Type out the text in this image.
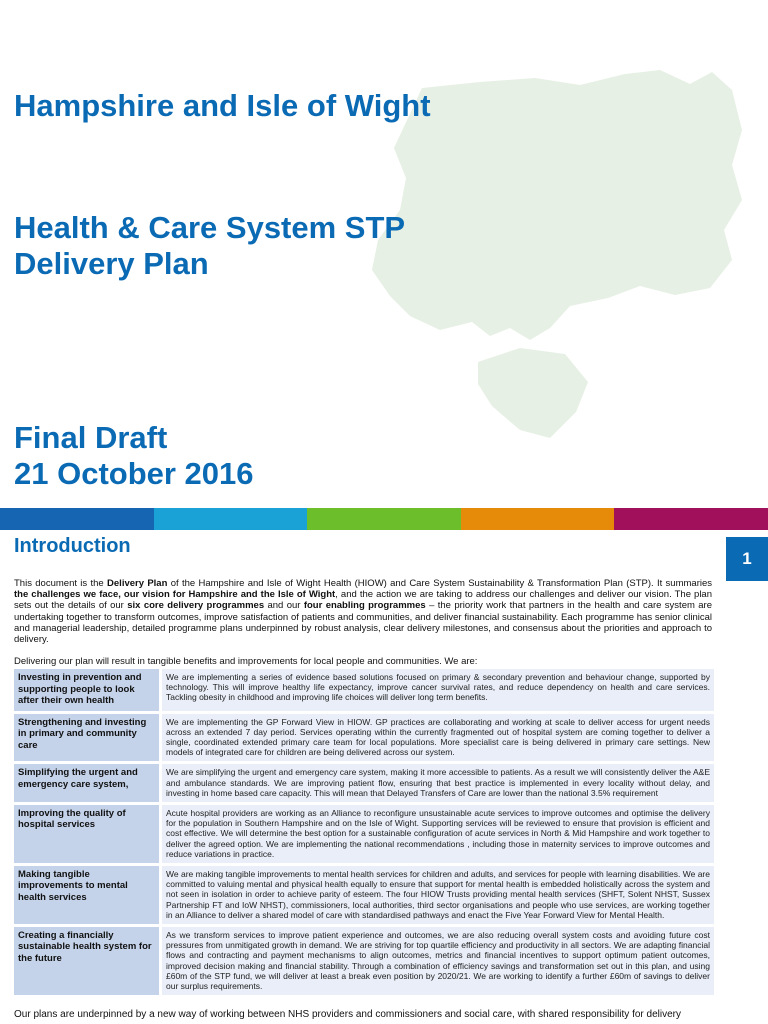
Hampshire and Isle of Wight
Health & Care System STP Delivery Plan
Final Draft
21 October 2016
Introduction
1

This document is the Delivery Plan of the Hampshire and Isle of Wight Health (HIOW) and Care System Sustainability & Transformation Plan (STP). It summaries the challenges we face, our vision for Hampshire and the Isle of Wight, and the action we are taking to address our challenges and deliver our vision. The plan sets out the details of our six core delivery programmes and our four enabling programmes – the priority work that partners in the health and care system are undertaking together to transform outcomes, improve satisfaction of patients and communities, and deliver financial sustainability. Each programme has senior clinical and managerial leadership, detailed programme plans underpinned by robust analysis, clear delivery milestones, and consensus about the priorities and approach to delivery.

Delivering our plan will result in tangible benefits and improvements for local people and communities. We are:

Investing in prevention and supporting people to look after their own health	We are implementing a series of evidence based solutions focused on primary & secondary prevention and behaviour change, supported by technology. This will improve healthy life expectancy, improve cancer survival rates, and reduce dependency on health and care services. Tackling obesity in childhood and improving life choices will deliver long term benefits.
Strengthening and investing in primary and community care	We are implementing the GP Forward View in HIOW. GP practices are collaborating and working at scale to deliver access for urgent needs across an extended 7 day period. Services operating within the currently fragmented out of hospital system are coming together to deliver a single, coordinated extended primary care team for local populations. More specialist care is being delivered in primary care settings. New models of integrated care for children are being delivered across our system.
Simplifying the urgent and emergency care system,	We are simplifying the urgent and emergency care system, making it more accessible to patients. As a result we will consistently deliver the A&E and ambulance standards. We are improving patient flow, ensuring that best practice is implemented in every locality without delay, and investing in home based care capacity. This will mean that Delayed Transfers of Care are lower than the national 3.5% requirement
Improving the quality of hospital services	Acute hospital providers are working as an Alliance to reconfigure unsustainable acute services to improve outcomes and optimise the delivery for the population in Southern Hampshire and on the Isle of Wight. Supporting services will be reviewed to ensure that provision is efficient and cost effective. We will determine the best option for a sustainable configuration of acute services in North & Mid Hampshire and work together to deliver the agreed option. We are implementing the national recommendations , including those in maternity services to improve outcomes and reduce variations in practice.
Making tangible improvements to mental health services	We are making tangible improvements to mental health services for children and adults, and services for people with learning disabilities. We are committed to valuing mental and physical health equally to ensure that support for mental health is embedded holistically across the system and not seen in isolation in order to achieve parity of esteem. The four HIOW Trusts providing mental health services (SHFT, Solent NHST, Sussex Partnership FT and IoW NHST), commissioners, local authorities, third sector organisations and people who use services, are working together in an Alliance to deliver a shared model of care with standardised pathways and enact the Five Year Forward View for Mental Health.
Creating a financially sustainable health system for the future	As we transform services to improve patient experience and outcomes, we are also reducing overall system costs and avoiding future cost pressures from unmitigated growth in demand. We are striving for top quartile efficiency and productivity in all sectors. We are adapting financial flows and contracting and payment mechanisms to align outcomes, metrics and financial incentives to support optimum patient outcomes, improved decision making and financial stability. Through a combination of efficiency savings and transformation set out in this plan, and using £60m of the STP fund, we will deliver at least a break even position by 2020/21. We are working to identify a further £60m of savings to deliver our surplus requirements.

Our plans are underpinned by a new way of working between NHS providers and commissioners and social care, with shared responsibility for delivery
